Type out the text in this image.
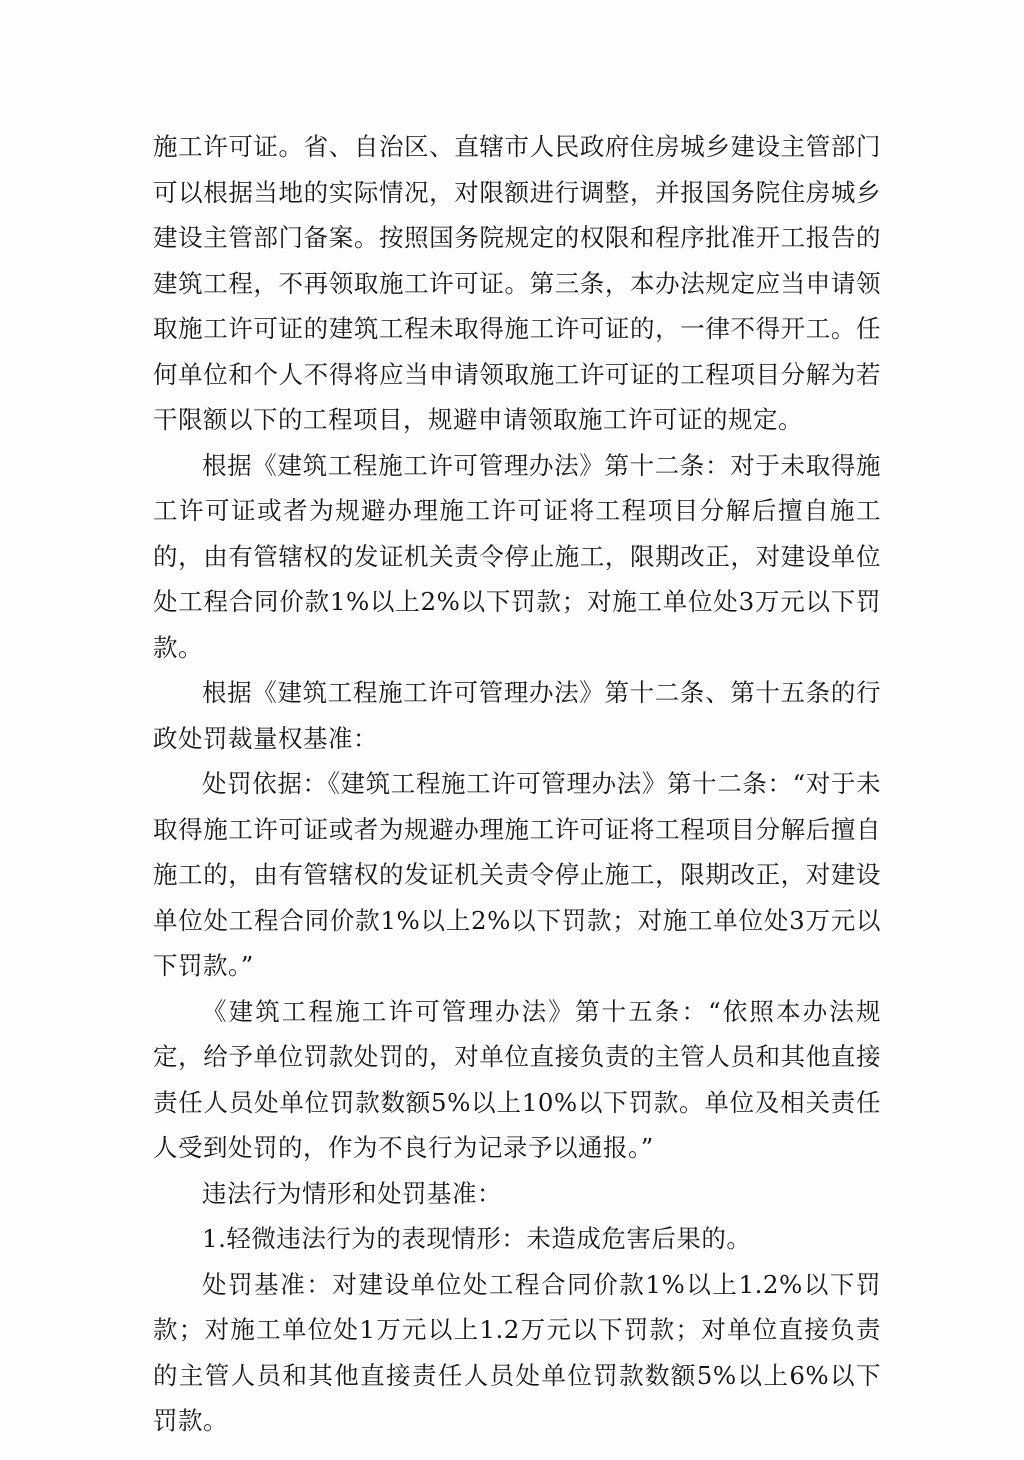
施工许可证。省、自治区、直辖市人民政府住房城乡建设主管部门可以根据当地的实际情况，对限额进行调整，并报国务院住房城乡建设主管部门备案。按照国务院规定的权限和程序批准开工报告的建筑工程，不再领取施工许可证。第三条，本办法规定应当申请领取施工许可证的建筑工程未取得施工许可证的，一律不得开工。任何单位和个人不得将应当申请领取施工许可证的工程项目分解为若干限额以下的工程项目，规避申请领取施工许可证的规定。

根据《建筑工程施工许可管理办法》第十二条：对于未取得施工许可证或者为规避办理施工许可证将工程项目分解后擅自施工的，由有管辖权的发证机关责令停止施工，限期改正，对建设单位处工程合同价款1%以上2%以下罚款；对施工单位处3万元以下罚款。

根据《建筑工程施工许可管理办法》第十二条、第十五条的行政处罚裁量权基准：

处罚依据：《建筑工程施工许可管理办法》第十二条：“对于未取得施工许可证或者为规避办理施工许可证将工程项目分解后擅自施工的，由有管辖权的发证机关责令停止施工，限期改正，对建设单位处工程合同价款1%以上2%以下罚款；对施工单位处3万元以下罚款。”

《建筑工程施工许可管理办法》第十五条：“依照本办法规定，给予单位罚款处罚的，对单位直接负责的主管人员和其他直接责任人员处单位罚款数额5%以上10%以下罚款。单位及相关责任人受到处罚的，作为不良行为记录予以通报。”

违法行为情形和处罚基准：

1.轻微违法行为的表现情形：未造成危害后果的。

处罚基准：对建设单位处工程合同价款1%以上1.2%以下罚款；对施工单位处1万元以上1.2万元以下罚款；对单位直接负责的主管人员和其他直接责任人员处单位罚款数额5%以上6%以下罚款。
